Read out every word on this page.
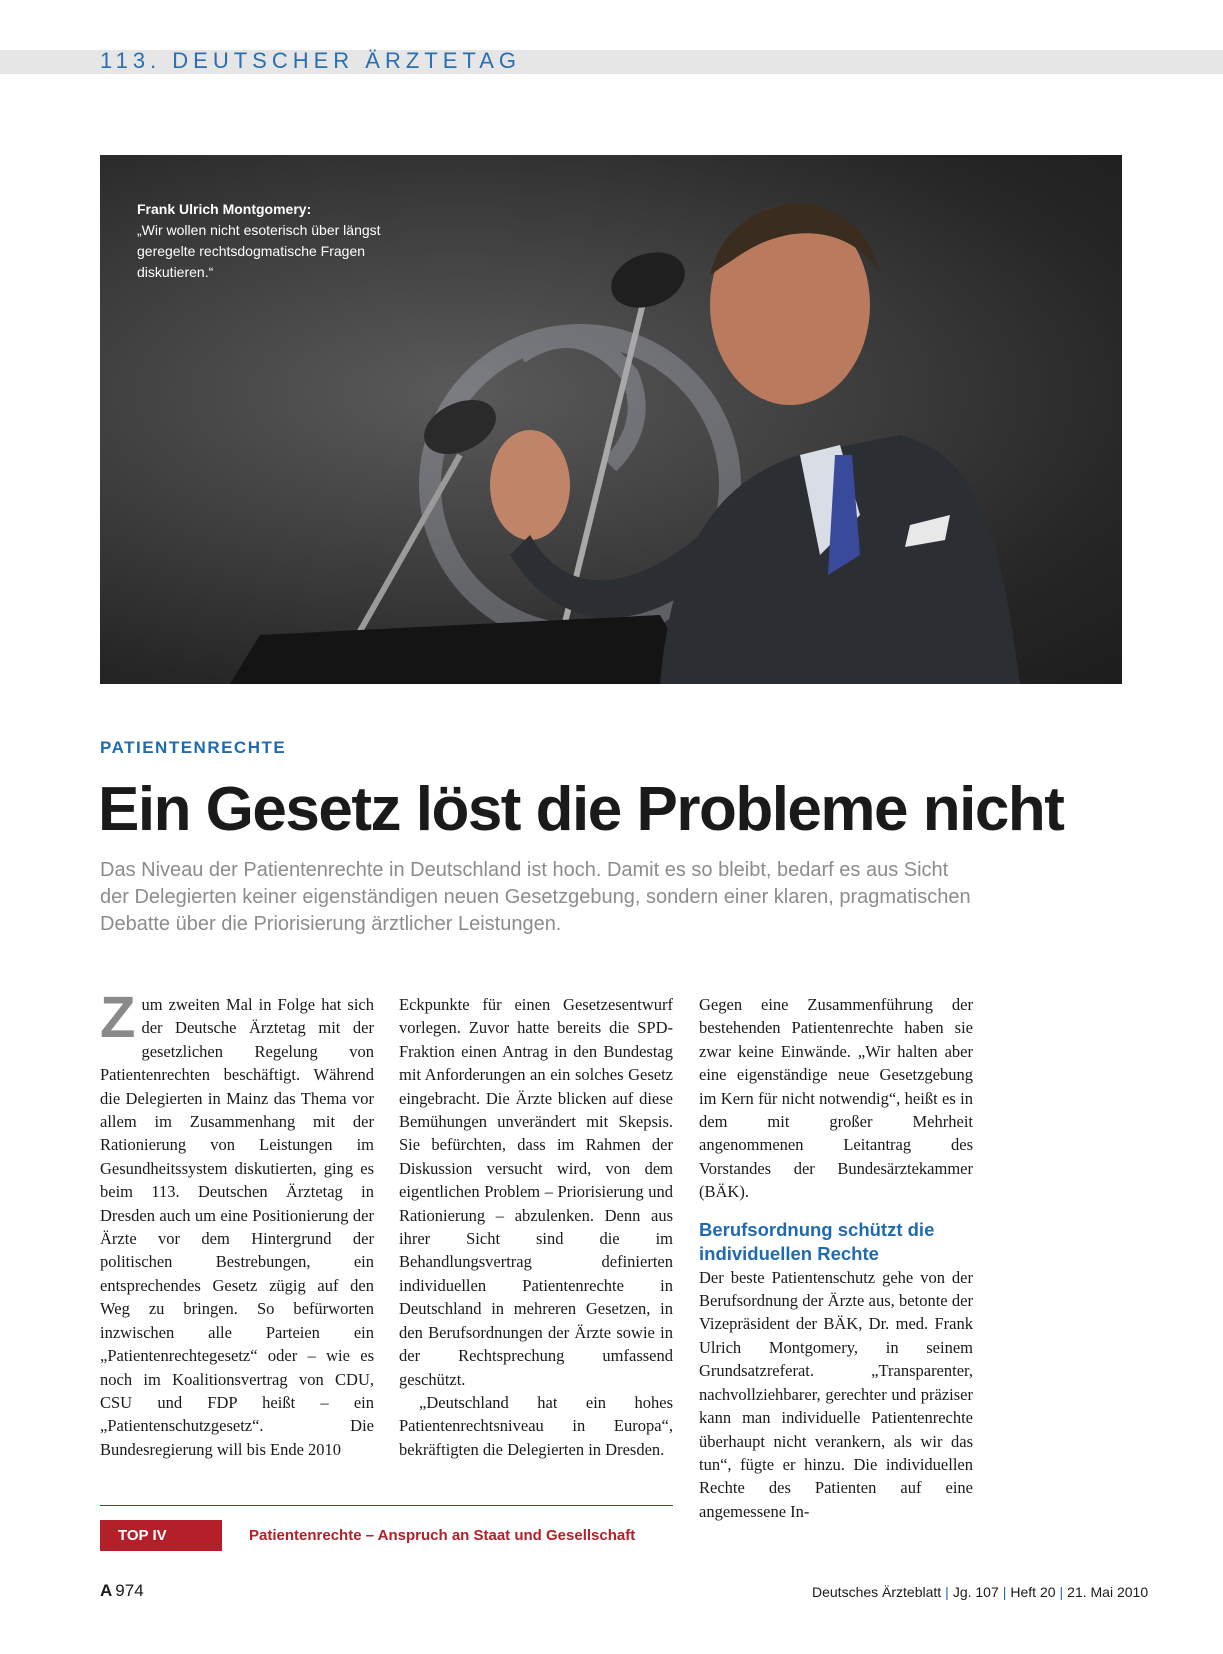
113. DEUTSCHER ÄRZTETAG
Frank Ulrich Montgomery:
„Wir wollen nicht esoterisch über längst geregelte rechtsdogmatische Fragen diskutieren.“
PATIENTENRECHTE
Ein Gesetz löst die Probleme nicht
Das Niveau der Patientenrechte in Deutschland ist hoch. Damit es so bleibt, bedarf es aus Sicht der Delegierten keiner eigenständigen neuen Gesetzgebung, sondern einer klaren, pragmatischen Debatte über die Priorisierung ärztlicher Leistungen.

Zum zweiten Mal in Folge hat sich der Deutsche Ärztetag mit der gesetzlichen Regelung von Patientenrechten beschäftigt. Während die Delegierten in Mainz das Thema vor allem im Zusammenhang mit der Rationierung von Leistungen im Gesundheitssystem diskutierten, ging es beim 113. Deutschen Ärztetag in Dresden auch um eine Positionierung der Ärzte vor dem Hintergrund der politischen Bestrebungen, ein entsprechendes Gesetz zügig auf den Weg zu bringen. So befürworten inzwischen alle Parteien ein „Patientenrechtegesetz“ oder – wie es noch im Koalitionsvertrag von CDU, CSU und FDP heißt – ein „Patientenschutzgesetz“. Die Bundesregierung will bis Ende 2010

Eckpunkte für einen Gesetzesentwurf vorlegen. Zuvor hatte bereits die SPD-Fraktion einen Antrag in den Bundestag mit Anforderungen an ein solches Gesetz eingebracht. Die Ärzte blicken auf diese Bemühungen unverändert mit Skepsis. Sie befürchten, dass im Rahmen der Diskussion versucht wird, von dem eigentlichen Problem – Priorisierung und Rationierung – abzulenken. Denn aus ihrer Sicht sind die im Behandlungsvertrag definierten individuellen Patientenrechte in Deutschland in mehreren Gesetzen, in den Berufsordnungen der Ärzte sowie in der Rechtsprechung umfassend geschützt.

„Deutschland hat ein hohes Patientenrechtsniveau in Europa“, bekräftigten die Delegierten in Dresden.

Gegen eine Zusammenführung der bestehenden Patientenrechte haben sie zwar keine Einwände. „Wir halten aber eine eigenständige neue Gesetzgebung im Kern für nicht notwendig“, heißt es in dem mit großer Mehrheit angenommenen Leitantrag des Vorstandes der Bundesärztekammer (BÄK).

Berufsordnung schützt die individuellen Rechte

Der beste Patientenschutz gehe von der Berufsordnung der Ärzte aus, betonte der Vizepräsident der BÄK, Dr. med. Frank Ulrich Montgomery, in seinem Grundsatzreferat. „Transparenter, nachvollziehbarer, gerechter und präziser kann man individuelle Patientenrechte überhaupt nicht verankern, als wir das tun“, fügte er hinzu. Die individuellen Rechte des Patienten auf eine angemessene In-

TOP IV	Patientenrechte – Anspruch an Staat und Gesellschaft
A 974	Deutsches Ärzteblatt | Jg. 107 | Heft 20 | 21. Mai 2010
